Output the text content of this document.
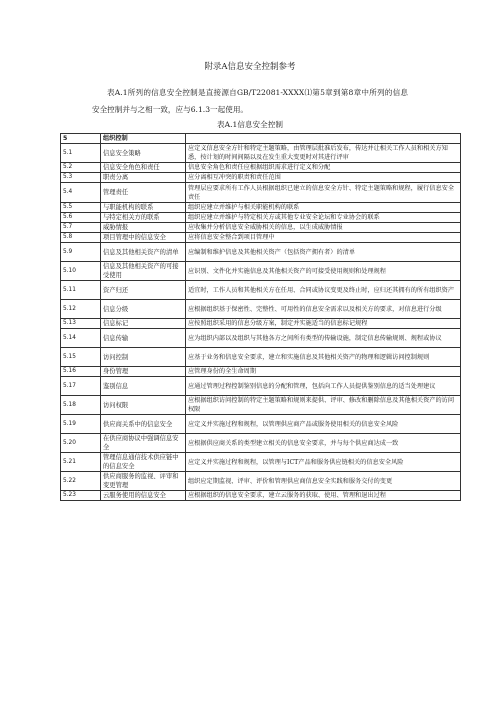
附录A信息安全控制参考
表A.1所列的信息安全控制是直接源自GB/T22081-XXXX⑴第5章到第8章中所列的信息安全控制并与之相一致，应与6.1.3一起使用。
表A.1信息安全控制
5	组织控制	
5.1	信息安全策略	应定义信息安全方针和特定主题策略，由管理层批准后发布，传达并让相关工作人员和相关方知悉，按计划的时间间隔以及在发生重大变更时对其进行评审
5.2	信息安全角色和责任	信息安全角色和责任应根据组织需求进行定义和分配
5.3	职责分离	应分离相互冲突的职责和责任范围
5.4	管理责任	管理层应要求所有工作人员根据组织已建立的信息安全方针、特定主题策略和规程，履行信息安全责任
5.5	与职能机构的联系	组织应建立并维护与相关职能机构的联系
5.6	与特定相关方的联系	组织应建立并维护与特定相关方或其他专业安全论坛和专业协会的联系
5.7	威胁情报	应收集并分析信息安全威胁相关的信息，以生成威胁情报
5.8	项目管理中的信息安全	应将信息安全整合到项目管理中
5.9	信息及其他相关资产的清单	应编制和维护信息及其他相关资产（包括资产拥有者）的清单
5.10	信息及其他相关资产的可接受使用	应识别、文件化并实施信息及其他相关资产的可接受使用规则和处理规程
5.11	资产归还	适宜时，工作人员和其他相关方在任用、合同或协议变更及终止时，应归还其拥有的所有组织资产
5.12	信息分级	应根据组织基于保密性、完整性、可用性的信息安全需求以及相关方的要求，对信息进行分级
5.13	信息标记	应按照组织采用的信息分级方案，制定并实施适当的信息标记规程
5.14	信息传输	应为组织内部以及组织与其他各方之间所有类型的传输设施，制定信息传输规则、规程或协议
5.15	访问控制	应基于业务和信息安全要求，建立和实施信息及其他相关资产的物理和逻辑访问控制规则
5.16	身份管理	应管理身份的全生命周期
5.17	鉴别信息	应通过管理过程控制鉴别信息的分配和管理，包括向工作人员提供鉴别信息的适当处理建议
5.18	访问权限	应根据组织访问控制的特定主题策略和规则来提供、评审、修改和删除信息及其他相关资产的访问权限
5.19	供应商关系中的信息安全	应定义并实施过程和规程，以管理供应商产品或服务使用相关的信息安全风险
5.20	在供应商协议中强调信息安全	应根据供应商关系的类型建立相关的信息安全要求，并与每个供应商达成一致
5.21	管理信息通信技术供应链中的信息安全	应定义并实施过程和规程，以管理与ICT产品和服务供应链相关的信息安全风险
5.22	供应商服务的监视、评审和变更管理	组织应定期监视、评审、评价和管理供应商信息安全实践和服务交付的变更
5.23	云服务使用的信息安全	应根据组织的信息安全要求，建立云服务的获取、使用、管理和退出过程
